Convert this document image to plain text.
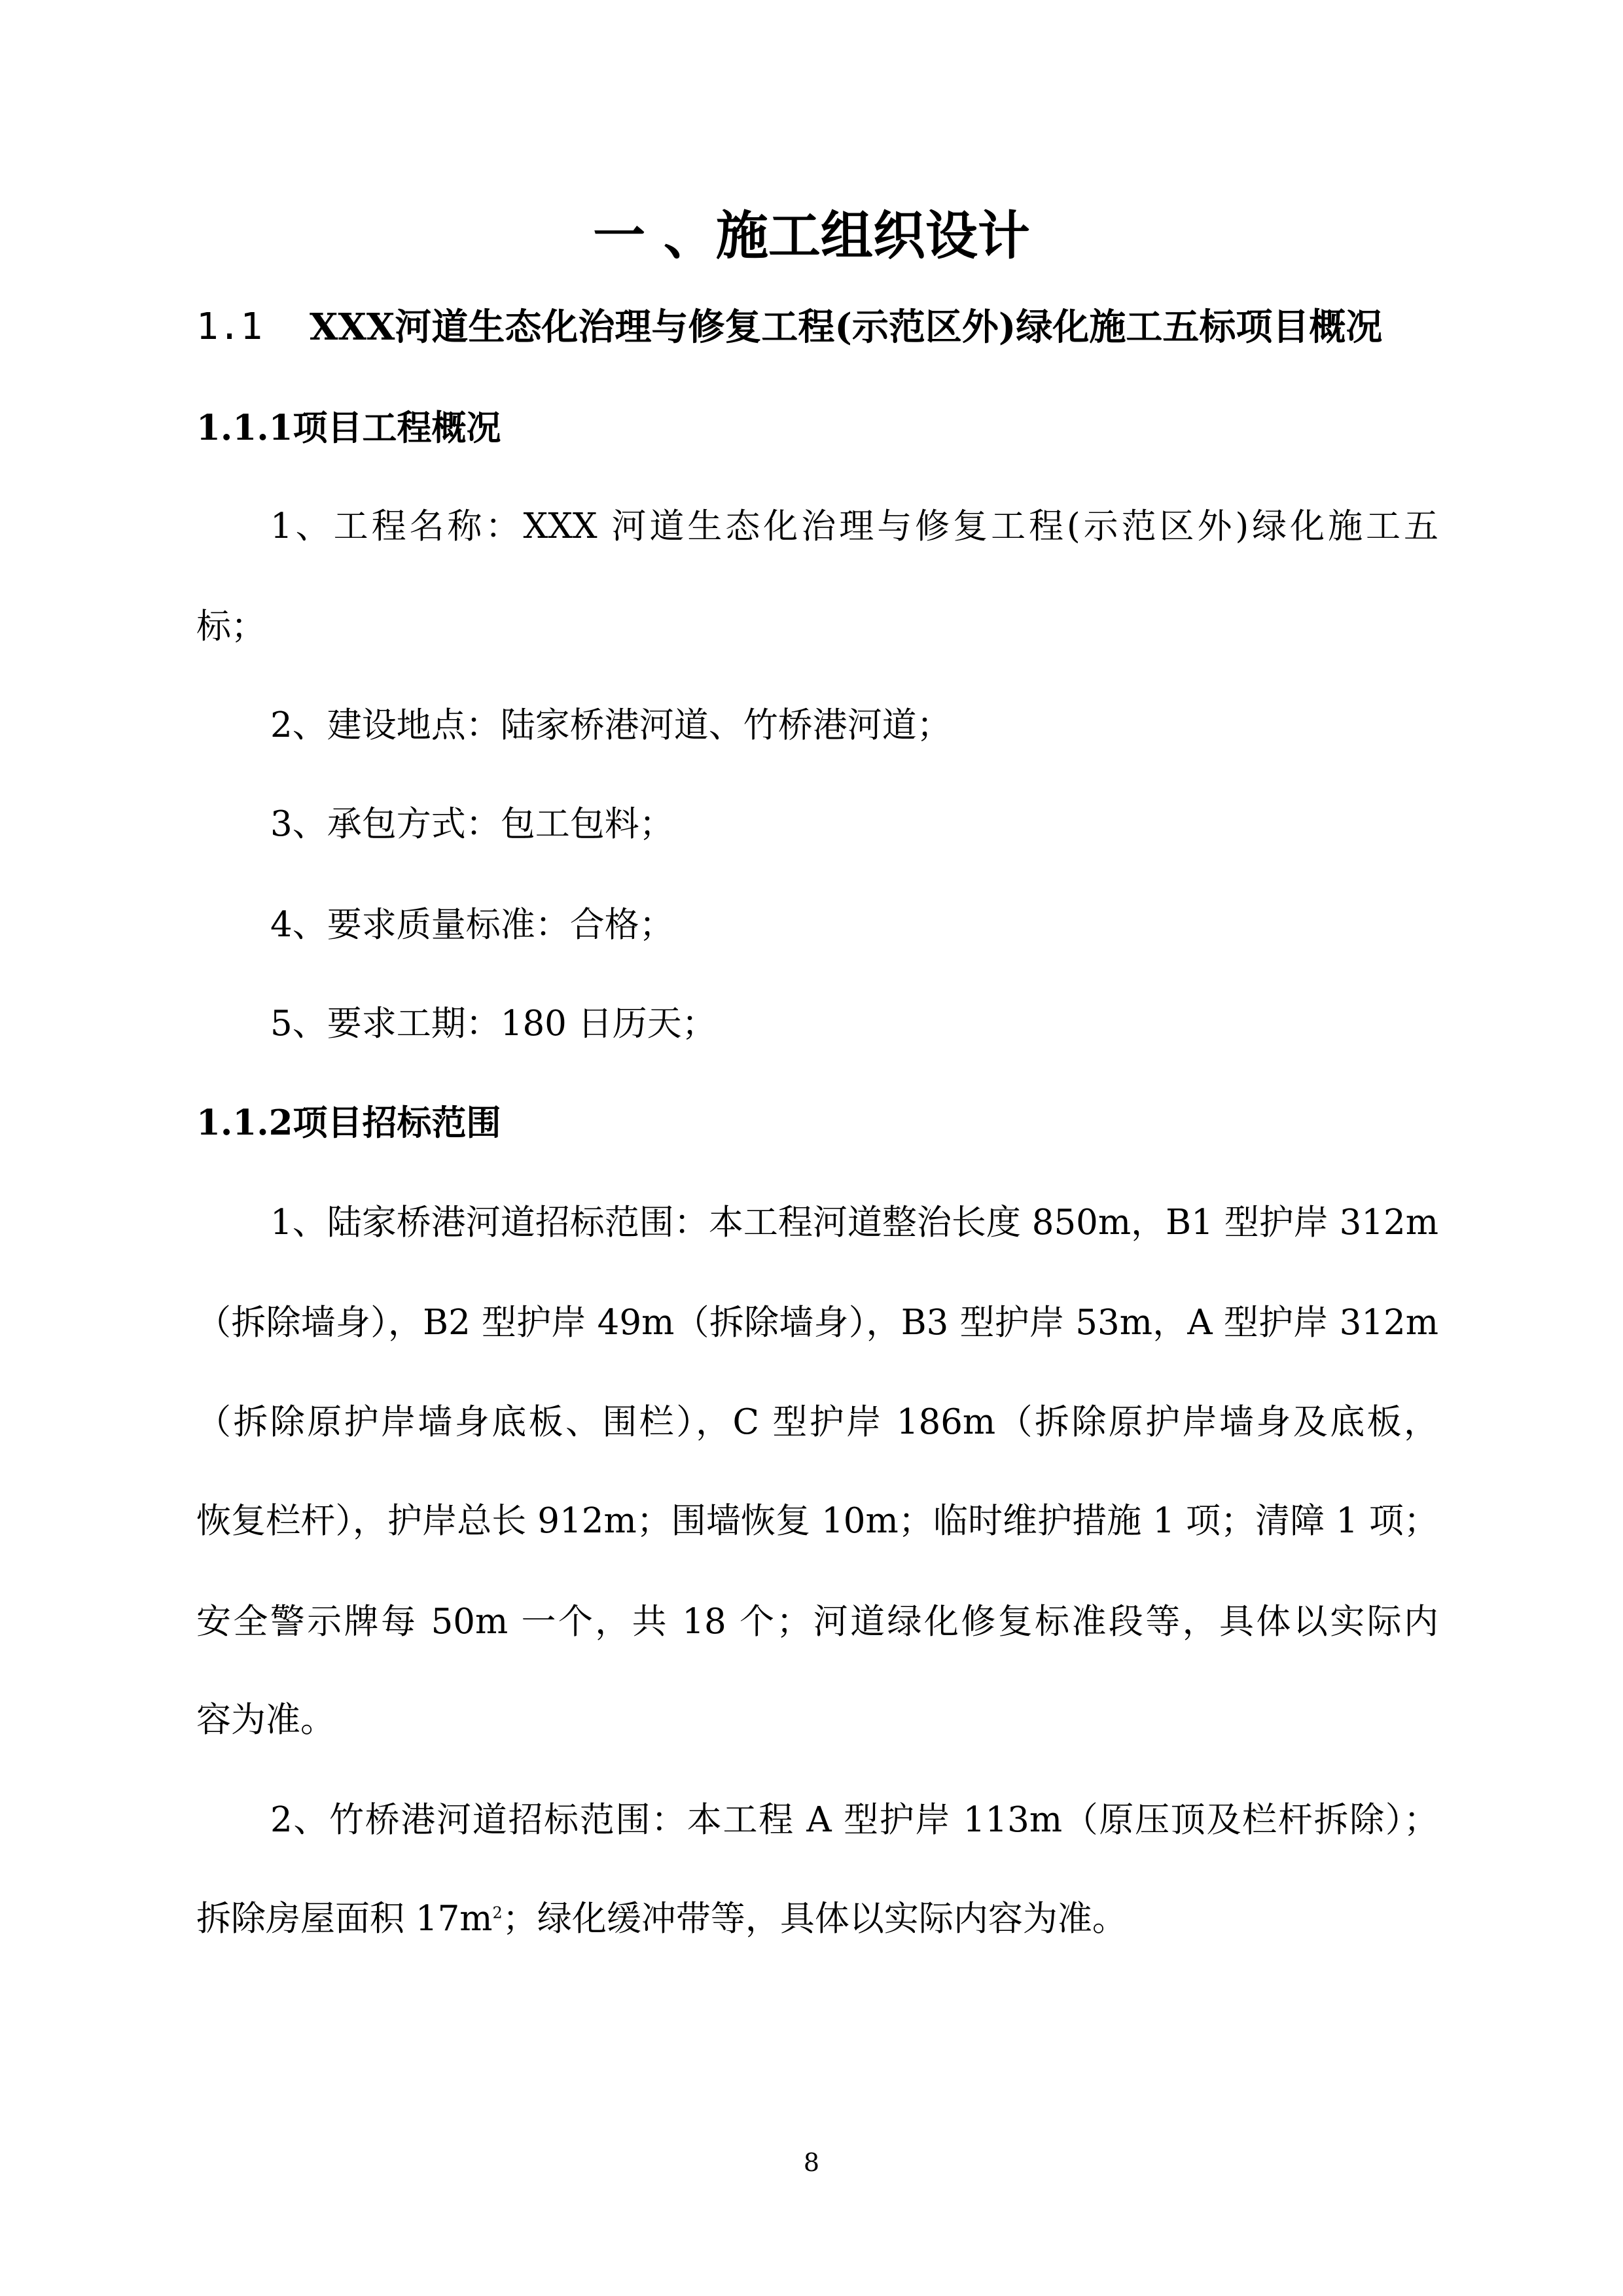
一 、施工组织设计
1.1 XXX河道生态化治理与修复工程(示范区外)绿化施工五标项目概况
1.1.1项目工程概况
1、工程名称：XXX 河道生态化治理与修复工程(示范区外)绿化施工五
标；
2、建设地点：陆家桥港河道、竹桥港河道；
3、承包方式：包工包料；
4、要求质量标准：合格；
5、要求工期：180 日历天；
1.1.2项目招标范围
1、陆家桥港河道招标范围：本工程河道整治长度 850m，B1 型护岸 312m
（拆除墙身），B2 型护岸 49m（拆除墙身），B3 型护岸 53m，A 型护岸 312m
（拆除原护岸墙身底板、围栏），C 型护岸 186m（拆除原护岸墙身及底板，
恢复栏杆），护岸总长 912m；围墙恢复 10m；临时维护措施 1 项；清障 1 项；
安全警示牌每 50m 一个，共 18 个；河道绿化修复标准段等，具体以实际内
容为准。
2、竹桥港河道招标范围：本工程 A 型护岸 113m（原压顶及栏杆拆除）；
拆除房屋面积 $17m^2$；绿化缓冲带等，具体以实际内容为准。
8
